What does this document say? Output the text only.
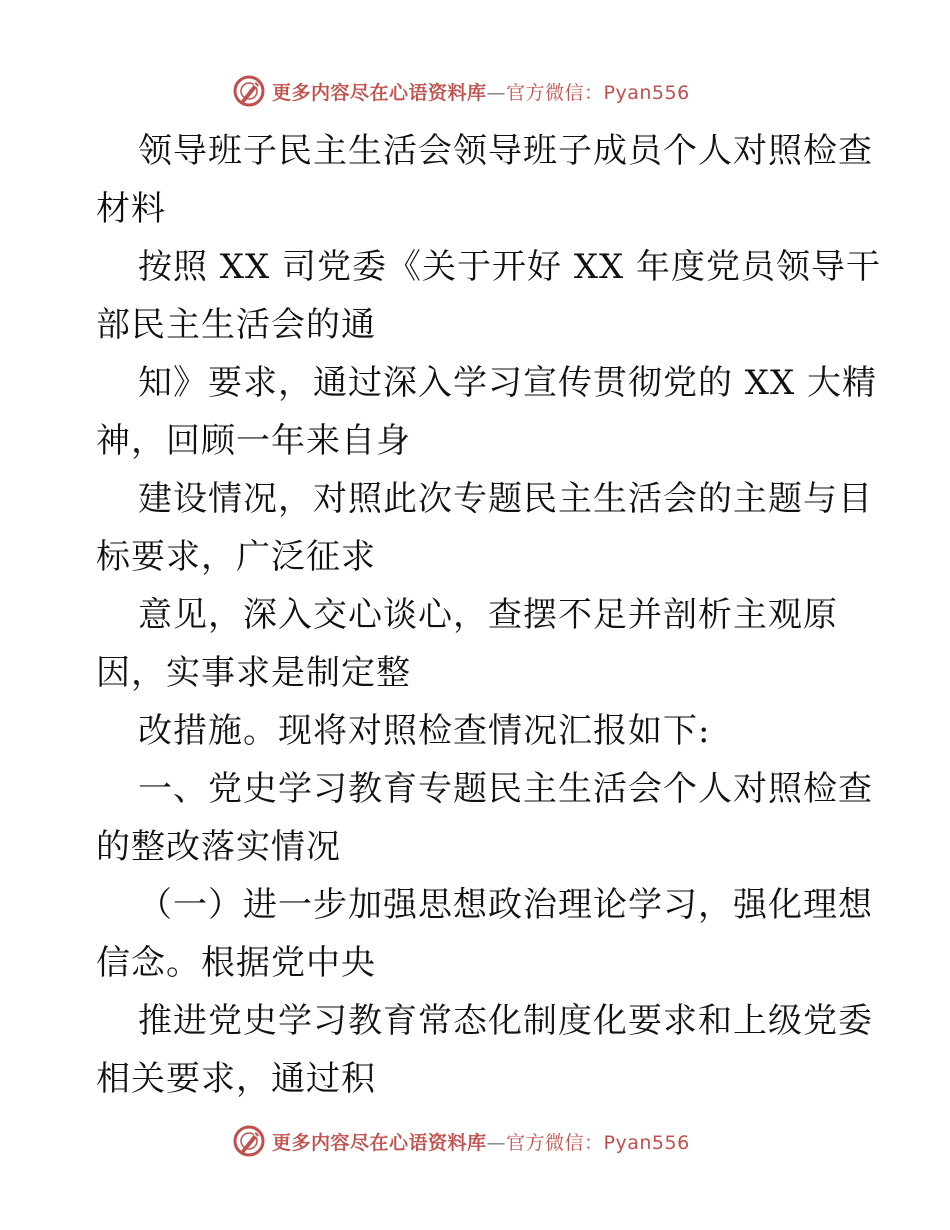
更多内容尽在心语资料库—官方微信：Pyan556
领导班子民主生活会领导班子成员个人对照检查
材料
按照 XX 司党委《关于开好 XX 年度党员领导干
部民主生活会的通
知》要求，通过深入学习宣传贯彻党的 XX 大精
神，回顾一年来自身
建设情况，对照此次专题民主生活会的主题与目
标要求，广泛征求
意见，深入交心谈心，查摆不足并剖析主观原
因，实事求是制定整
改措施。现将对照检查情况汇报如下:
一、党史学习教育专题民主生活会个人对照检查
的整改落实情况
（一）进一步加强思想政治理论学习，强化理想
信念。根据党中央
推进党史学习教育常态化制度化要求和上级党委
相关要求，通过积
更多内容尽在心语资料库—官方微信：Pyan556
